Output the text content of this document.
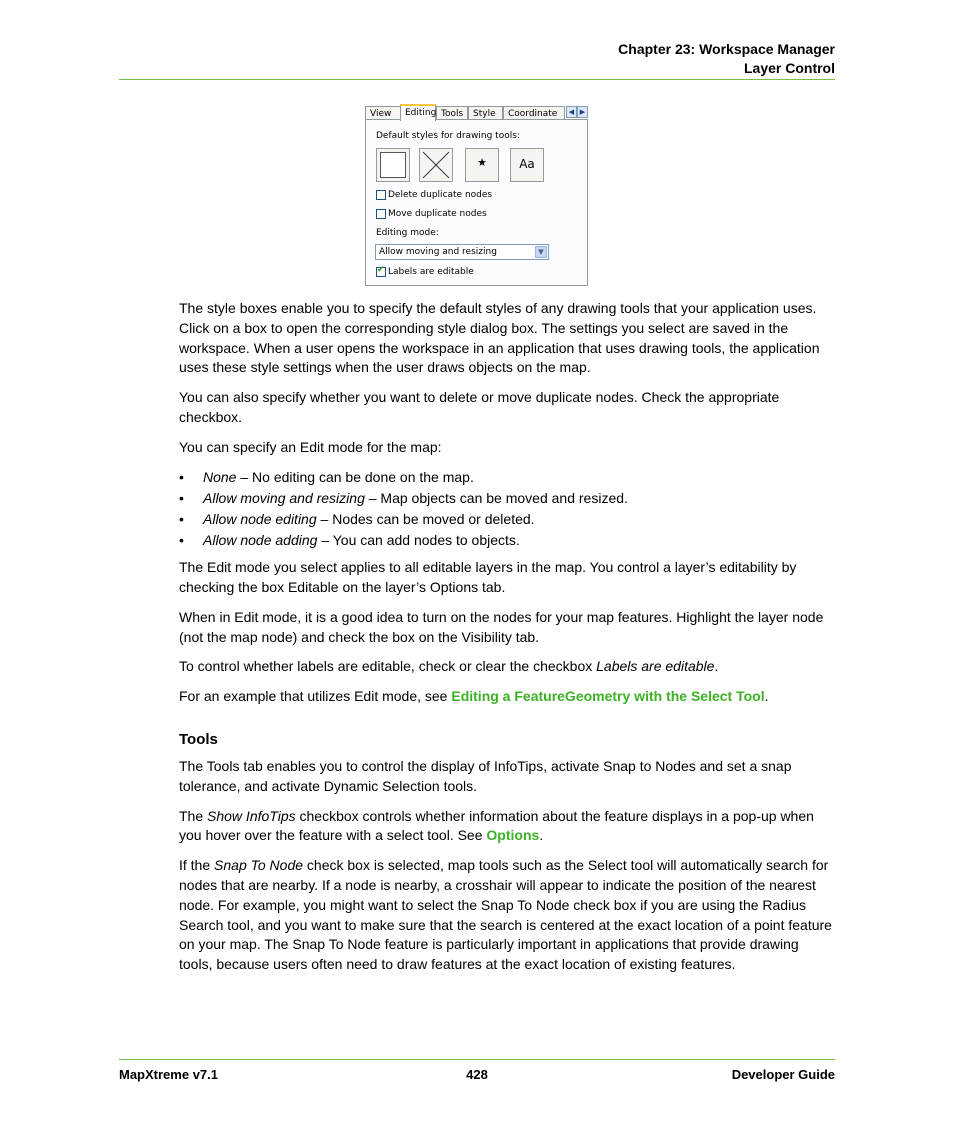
Chapter 23: Workspace Manager
Layer Control
View	Editing Tools	Style	Coordinate	◀ ▶
Default styles for drawing tools:
★	Aa
Delete duplicate nodes
Move duplicate nodes
Editing mode:
Allow moving and resizing	▼
✔ Labels are editable

The style boxes enable you to specify the default styles of any drawing tools that your application uses. Click on a box to open the corresponding style dialog box. The settings you select are saved in the workspace. When a user opens the workspace in an application that uses drawing tools, the application uses these style settings when the user draws objects on the map.

You can also specify whether you want to delete or move duplicate nodes. Check the appropriate checkbox.

You can specify an Edit mode for the map:

• None – No editing can be done on the map.
• Allow moving and resizing – Map objects can be moved and resized.
• Allow node editing – Nodes can be moved or deleted.
• Allow node adding – You can add nodes to objects.

The Edit mode you select applies to all editable layers in the map. You control a layer’s editability by checking the box Editable on the layer’s Options tab.

When in Edit mode, it is a good idea to turn on the nodes for your map features. Highlight the layer node (not the map node) and check the box on the Visibility tab.

To control whether labels are editable, check or clear the checkbox Labels are editable.

For an example that utilizes Edit mode, see Editing a FeatureGeometry with the Select Tool.

Tools

The Tools tab enables you to control the display of InfoTips, activate Snap to Nodes and set a snap tolerance, and activate Dynamic Selection tools.

The Show InfoTips checkbox controls whether information about the feature displays in a pop-up when you hover over the feature with a select tool. See Options.

If the Snap To Node check box is selected, map tools such as the Select tool will automatically search for nodes that are nearby. If a node is nearby, a crosshair will appear to indicate the position of the nearest node. For example, you might want to select the Snap To Node check box if you are using the Radius Search tool, and you want to make sure that the search is centered at the exact location of a point feature on your map. The Snap To Node feature is particularly important in applications that provide drawing tools, because users often need to draw features at the exact location of existing features.

428
MapXtreme v7.1	Developer Guide
